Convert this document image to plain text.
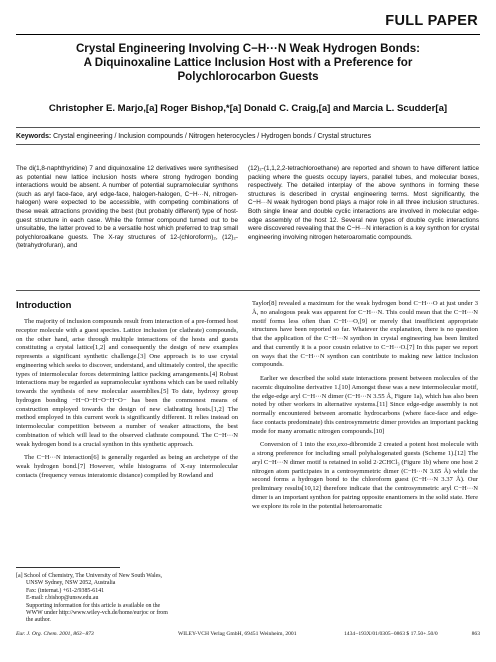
FULL PAPER
Crystal Engineering Involving C−H···N Weak Hydrogen Bonds:
A Diquinoxaline Lattice Inclusion Host with a Preference for
Polychlorocarbon Guests
Christopher E. Marjo,[a] Roger Bishop,*[a] Donald C. Craig,[a] and Marcia L. Scudder[a]
Keywords: Crystal engineering / Inclusion compounds / Nitrogen heterocycles / Hydrogen bonds / Crystal structures
The di(1,8-naphthyridine) 7 and diquinoxaline 12 derivatives were synthesised as potential new lattice inclusion hosts where strong hydrogen bonding interactions would be absent. A number of potential supramolecular synthons (such as aryl face-face, aryl edge-face, halogen-halogen, C−H···N, nitrogen-halogen) were expected to be accessible, with competing combinations of these weak attractions providing the best (but probably different) type of host-guest structure in each case. While the former compound turned out to be unsuitable, the latter proved to be a versatile host which preferred to trap small polychloroalkane guests. The X-ray structures of 12-(chloroform)₂, (12)₂-(tetrahydrofuran), and
(12)₂-(1,1,2,2-tetrachloroethane) are reported and shown to have different lattice packing where the guests occupy layers, parallel tubes, and molecular boxes, respectively. The detailed interplay of the above synthons in forming these structures is described in crystal engineering terms. Most significantly, the C−H···N weak hydrogen bond plays a major role in all three inclusion structures. Both single linear and double cyclic interactions are involved in molecular edge-edge assembly of the host 12. Several new types of double cyclic interactions were discovered revealing that the C−H···N interaction is a key synthon for crystal engineering involving nitrogen heteroaromatic compounds.
Introduction

The majority of inclusion compounds result from interaction of a pre-formed host receptor molecule with a guest species. Lattice inclusion (or clathrate) compounds, on the other hand, arise through multiple interactions of the hosts and guests constituting a crystal lattice[1,2] and consequently the design of new examples represents a significant synthetic challenge.[3] One approach is to use crystal engineering which seeks to discover, understand, and ultimately control, the specific types of intermolecular forces determining lattice packing arrangements.[4] Robust interactions may be regarded as supramolecular synthons which can be used reliably towards the synthesis of new molecular assemblies.[5] To date, hydroxy group hydrogen bonding −H−O−H−O−H−O− has been the commonest means of construction employed towards the design of new clathrating hosts.[1,2] The method employed in this current work is significantly different. It relies instead on intermolecular competition between a number of weaker attractions, the best combination of which will lead to the observed clathrate compound. The C−H···N weak hydrogen bond is a crucial synthon in this synthetic approach.

The C−H···N interaction[6] is generally regarded as being an archetype of the weak hydrogen bond.[7] However, while histograms of X-ray intermolecular contacts (frequency versus interatomic distance) compiled by Rowland and

Taylor[8] revealed a maximum for the weak hydrogen bond C−H···O at just under 3 Å, no analogous peak was apparent for C−H···N. This could mean that the C−H···N motif forms less often than C−H···O,[9] or merely that insufficient appropriate structures have been reported so far. Whatever the explanation, there is no question that the application of the C−H···N synthon in crystal engineering has been limited and that currently it is a poor cousin relative to C−H···O.[7] In this paper we report on ways that the C−H···N synthon can contribute to making new lattice inclusion compounds.

Earlier we described the solid state interactions present between molecules of the racemic diquinoline derivative 1.[10] Amongst these was a new intermolecular motif, the edge-edge aryl C−H···N dimer (C−H···N 3.55 Å, Figure 1a), which has also been noted by other workers in alternative systems.[11] Since edge-edge assembly is not normally encountered between aromatic hydrocarbons (where face-face and edge-face contacts predominate) this centrosymmetric dimer provides an important packing mode for many aromatic nitrogen compounds.[10]

Conversion of 1 into the exo,exo-dibromide 2 created a potent host molecule with a strong preference for including small polyhalogenated guests (Scheme 1).[12] The aryl C−H···N dimer motif is retained in solid 2·2CHCl₃ (Figure 1b) where one host 2 nitrogen atom participates in a centrosymmetric dimer (C−H···N 3.65 Å) while the second forms a hydrogen bond to the chloroform guest (C−H···N 3.37 Å). Our preliminary results[10,12] therefore indicate that the centrosymmetric aryl C−H···N dimer is an important synthon for pairing opposite enantiomers in the solid state. Here we explore its role in the potential heteroaromatic

[a] School of Chemistry, The University of New South Wales,
UNSW Sydney, NSW 2052, Australia
Fax: (internat.) +61-2/9385-6141
E-mail: r.bishop@unsw.edu.au
Supporting information for this article is available on the
WWW under http://www.wiley-vch.de/home/eurjoc or from
the author.
Eur. J. Org. Chem. 2001, 863−873	WILEY-VCH Verlag GmbH, 69451 Weinheim, 2001	1434−193X/01/0305−0863 $ 17.50+.50/0	863
